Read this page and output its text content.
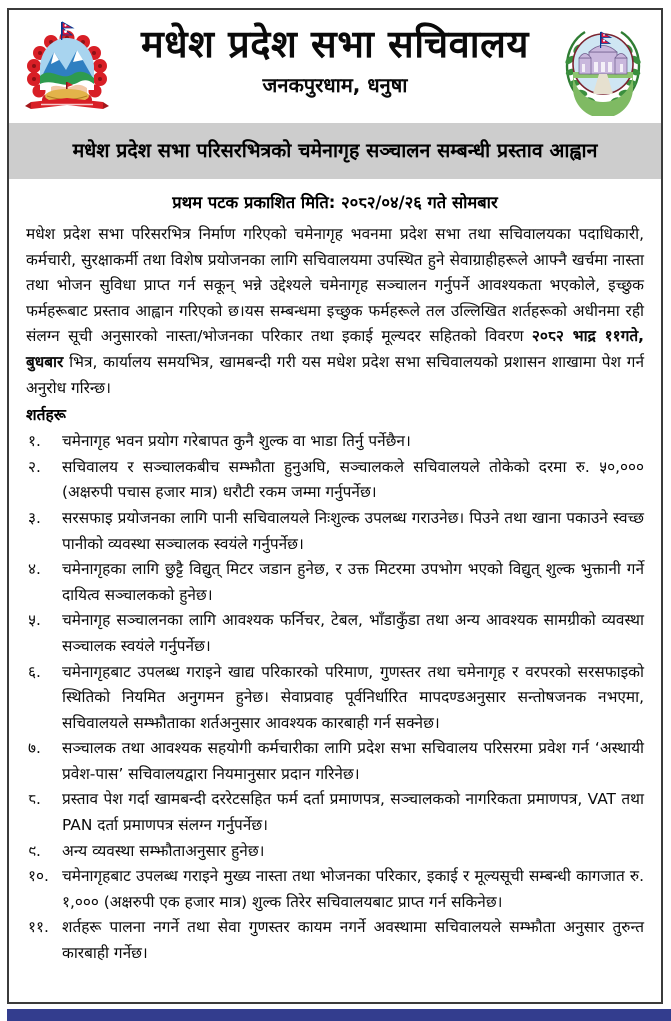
मधेश प्रदेश सभा सचिवालय
जनकपुरधाम, धनुषा
मधेश प्रदेश सभा परिसरभित्रको चमेनागृह सञ्चालन सम्बन्धी प्रस्ताव आह्वान
प्रथम पटक प्रकाशित मिति: २०८२/०४/२६ गते सोमबार

मधेश प्रदेश सभा परिसरभित्र निर्माण गरिएको चमेनागृह भवनमा प्रदेश सभा तथा सचिवालयका पदाधिकारी, कर्मचारी, सुरक्षाकर्मी तथा विशेष प्रयोजनका लागि सचिवालयमा उपस्थित हुने सेवाग्राहीहरूले आफ्नै खर्चमा नास्ता तथा भोजन सुविधा प्राप्त गर्न सकून् भन्ने उद्देश्यले चमेनागृह सञ्चालन गर्नुपर्ने आवश्यकता भएकोले, इच्छुक फर्महरूबाट प्रस्ताव आह्वान गरिएको छ।यस सम्बन्धमा इच्छुक फर्महरूले तल उल्लिखित शर्तहरूको अधीनमा रही संलग्न सूची अनुसारको नास्ता/भोजनका परिकार तथा इकाई मूल्यदर सहितको विवरण २०८२ भाद्र ११गते, बुधबार भित्र, कार्यालय समयभित्र, खामबन्दी गरी यस मधेश प्रदेश सभा सचिवालयको प्रशासन शाखामा पेश गर्न अनुरोध गरिन्छ।

शर्तहरू
१.	चमेनागृह भवन प्रयोग गरेबापत कुनै शुल्क वा भाडा तिर्नु पर्नेछैन।
२.	सचिवालय र सञ्चालकबीच सम्झौता हुनुअघि, सञ्चालकले सचिवालयले तोकेको दरमा रु. ५०,००० (अक्षरुपी पचास हजार मात्र) धरौटी रकम जम्मा गर्नुपर्नेछ।
३.	सरसफाइ प्रयोजनका लागि पानी सचिवालयले निःशुल्क उपलब्ध गराउनेछ। पिउने तथा खाना पकाउने स्वच्छ पानीको व्यवस्था सञ्चालक स्वयंले गर्नुपर्नेछ।
४.	चमेनागृहका लागि छुट्टै विद्युत् मिटर जडान हुनेछ, र उक्त मिटरमा उपभोग भएको विद्युत् शुल्क भुक्तानी गर्ने दायित्व सञ्चालकको हुनेछ।
५.	चमेनागृह सञ्चालनका लागि आवश्यक फर्निचर, टेबल, भाँडाकुँडा तथा अन्य आवश्यक सामग्रीको व्यवस्था सञ्चालक स्वयंले गर्नुपर्नेछ।
६.	चमेनागृहबाट उपलब्ध गराइने खाद्य परिकारको परिमाण, गुणस्तर तथा चमेनागृह र वरपरको सरसफाइको स्थितिको नियमित अनुगमन हुनेछ। सेवाप्रवाह पूर्वनिर्धारित मापदण्डअनुसार सन्तोषजनक नभएमा, सचिवालयले सम्झौताका शर्तअनुसार आवश्यक कारबाही गर्न सक्नेछ।
७.	सञ्चालक तथा आवश्यक सहयोगी कर्मचारीका लागि प्रदेश सभा सचिवालय परिसरमा प्रवेश गर्न ‘अस्थायी प्रवेश-पास’ सचिवालयद्वारा नियमानुसार प्रदान गरिनेछ।
८.	प्रस्ताव पेश गर्दा खामबन्दी दररेटसहित फर्म दर्ता प्रमाणपत्र, सञ्चालकको नागरिकता प्रमाणपत्र, VAT तथा PAN दर्ता प्रमाणपत्र संलग्न गर्नुपर्नेछ।
९.	अन्य व्यवस्था सम्झौताअनुसार हुनेछ।
१०. चमेनागृहबाट उपलब्ध गराइने मुख्य नास्ता तथा भोजनका परिकार, इकाई र मूल्यसूची सम्बन्धी कागजात रु. १,००० (अक्षरुपी एक हजार मात्र) शुल्क तिरेर सचिवालयबाट प्राप्त गर्न सकिनेछ।
११. शर्तहरू पालना नगर्ने तथा सेवा गुणस्तर कायम नगर्ने अवस्थामा सचिवालयले सम्झौता अनुसार तुरुन्त कारबाही गर्नेछ।
